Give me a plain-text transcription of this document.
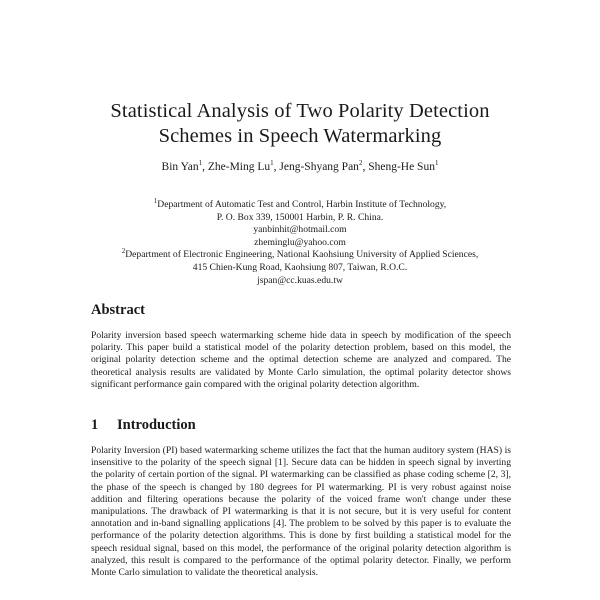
Statistical Analysis of Two Polarity Detection
Schemes in Speech Watermarking
Bin Yan$^1$, Zhe-Ming Lu$^1$, Jeng-Shyang Pan$^2$, Sheng-He Sun$^1$
$^1$Department of Automatic Test and Control, Harbin Institute of Technology,
P. O. Box 339, 150001 Harbin, P. R. China.
yanbinhit@hotmail.com
zheminglu@yahoo.com
$^2$Department of Electronic Engineering, National Kaohsiung University of Applied Sciences,
415 Chien-Kung Road, Kaohsiung 807, Taiwan, R.O.C.
jspan@cc.kuas.edu.tw
Abstract
Polarity inversion based speech watermarking scheme hide data in speech by modification of the speech polarity. This paper build a statistical model of the polarity detection problem, based on this model, the original polarity detection scheme and the optimal detection scheme are analyzed and compared. The theoretical analysis results are validated by Monte Carlo simulation, the optimal polarity detector shows significant performance gain compared with the original polarity detection algorithm.
1 Introduction
Polarity Inversion (PI) based watermarking scheme utilizes the fact that the human auditory system (HAS) is insensitive to the polarity of the speech signal [1]. Secure data can be hidden in speech signal by inverting the polarity of certain portion of the signal. PI watermarking can be classified as phase coding scheme [2, 3], the phase of the speech is changed by 180 degrees for PI watermarking. PI is very robust against noise addition and filtering operations because the polarity of the voiced frame won't change under these manipulations. The drawback of PI watermarking is that it is not secure, but it is very useful for content annotation and in-band signalling applications [4]. The problem to be solved by this paper is to evaluate the performance of the polarity detection algorithms. This is done by first building a statistical model for the speech residual signal, based on this model, the performance of the original polarity detection algorithm is analyzed, this result is compared to the performance of the optimal polarity detector. Finally, we perform Monte Carlo simulation to validate the theoretical analysis.
